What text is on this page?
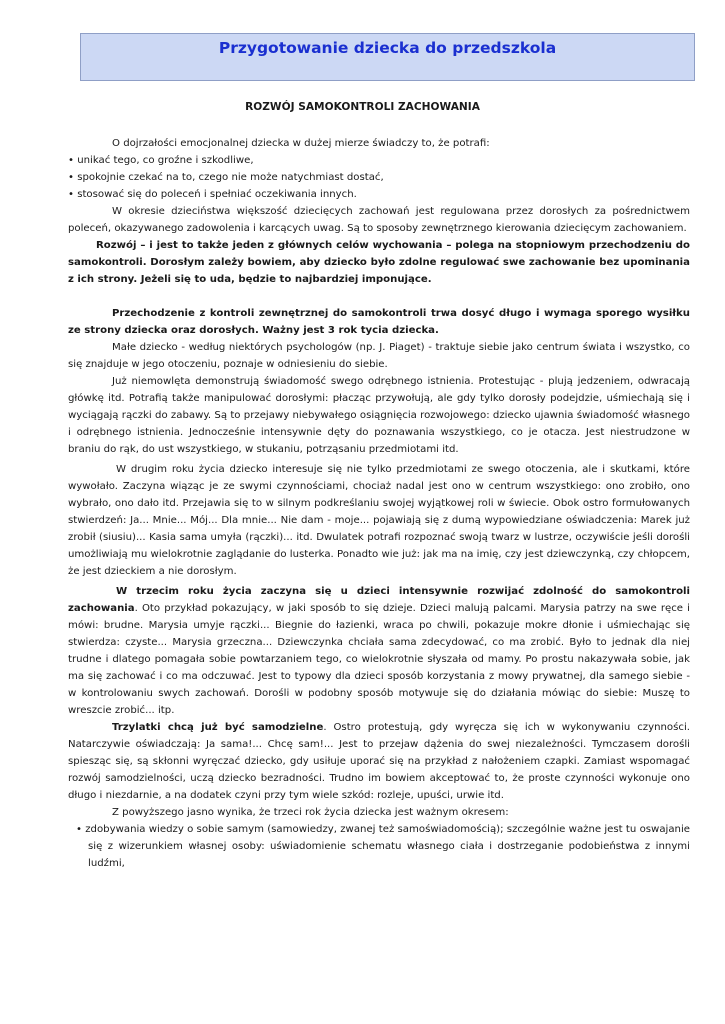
Przygotowanie dziecka do przedszkola
ROZWÓJ SAMOKONTROLI ZACHOWANIA

O dojrzałości emocjonalnej dziecka w dużej mierze świadczy to, że potrafi:

• unikać tego, co groźne i szkodliwe,
• spokojnie czekać na to, czego nie może natychmiast dostać,
• stosować się do poleceń i spełniać oczekiwania innych.

W okresie dzieciństwa większość dziecięcych zachowań jest regulowana przez dorosłych za pośrednictwem poleceń, okazywanego zadowolenia i karcących uwag. Są to sposoby zewnętrznego kierowania dziecięcym zachowaniem.

Rozwój – i jest to także jeden z głównych celów wychowania – polega na stopniowym przechodzeniu do samokontroli. Dorosłym zależy bowiem, aby dziecko było zdolne regulować swe zachowanie bez upominania z ich strony. Jeżeli się to uda, będzie to najbardziej imponujące.

Przechodzenie z kontroli zewnętrznej do samokontroli trwa dosyć długo i wymaga sporego wysiłku ze strony dziecka oraz dorosłych. Ważny jest 3 rok tycia dziecka.

Małe dziecko - według niektórych psychologów (np. J. Piaget) - traktuje siebie jako centrum świata i wszystko, co się znajduje w jego otoczeniu, poznaje w odniesieniu do siebie.

Już niemowlęta demonstrują świadomość swego odrębnego istnienia. Protestując - plują jedzeniem, odwracają główkę itd. Potrafią także manipulować dorosłymi: płacząc przywołują, ale gdy tylko dorosły podejdzie, uśmiechają się i wyciągają rączki do zabawy. Są to przejawy niebywałego osiągnięcia rozwojowego: dziecko ujawnia świadomość własnego i odrębnego istnienia. Jednocześnie intensywnie dęty do poznawania wszystkiego, co je otacza. Jest niestrudzone w braniu do rąk, do ust wszystkiego, w stukaniu, potrząsaniu przedmiotami itd.

W drugim roku życia dziecko interesuje się nie tylko przedmiotami ze swego otoczenia, ale i skutkami, które wywołało. Zaczyna wiąząc je ze swymi czynnościami, chociaż nadal jest ono w centrum wszystkiego: ono zrobiło, ono wybrało, ono dało itd. Przejawia się to w silnym podkreślaniu swojej wyjątkowej roli w świecie. Obok ostro formułowanych stwierdzeń: Ja... Mnie... Mój... Dla mnie... Nie dam - moje... pojawiają się z dumą wypowiedziane oświadczenia: Marek już zrobił (siusiu)... Kasia sama umyła (rączki)... itd. Dwulatek potrafi rozpoznać swoją twarz w lustrze, oczywiście jeśli dorośli umożliwiają mu wielokrotnie zaglądanie do lusterka. Ponadto wie już: jak ma na imię, czy jest dziewczynką, czy chłopcem, że jest dzieckiem a nie dorosłym.

W trzecim roku życia zaczyna się u dzieci intensywnie rozwijać zdolność do samokontroli zachowania. Oto przykład pokazujący, w jaki sposób to się dzieje. Dzieci malują palcami. Marysia patrzy na swe ręce i mówi: brudne. Marysia umyje rączki... Biegnie do łazienki, wraca po chwili, pokazuje mokre dłonie i uśmiechając się stwierdza: czyste... Marysia grzeczna... Dziewczynka chciała sama zdecydować, co ma zrobić. Było to jednak dla niej trudne i dlatego pomagała sobie powtarzaniem tego, co wielokrotnie słyszała od mamy. Po prostu nakazywała sobie, jak ma się zachować i co ma odczuwać. Jest to typowy dla dzieci sposób korzystania z mowy prywatnej, dla samego siebie - w kontrolowaniu swych zachowań. Dorośli w podobny sposób motywuje się do działania mówiąc do siebie: Muszę to wreszcie zrobić... itp.

Trzylatki chcą już być samodzielne. Ostro protestują, gdy wyręcza się ich w wykonywaniu czynności. Natarczywie oświadczają: Ja sama!... Chcę sam!... Jest to przejaw dążenia do swej niezależności. Tymczasem dorośli spiesząc się, są skłonni wyręczać dziecko, gdy usiłuje uporać się na przykład z nałożeniem czapki. Zamiast wspomagać rozwój samodzielności, uczą dziecko bezradności. Trudno im bowiem akceptować to, że proste czynności wykonuje ono długo i niezdarnie, a na dodatek czyni przy tym wiele szkód: rozleje, upuści, urwie itd.

Z powyższego jasno wynika, że trzeci rok życia dziecka jest ważnym okresem:

• zdobywania wiedzy o sobie samym (samowiedzy, zwanej też samoświadomością); szczególnie ważne jest tu oswajanie się z wizerunkiem własnej osoby: uświadomienie schematu własnego ciała i dostrzeganie podobieństwa z innymi ludźmi,
